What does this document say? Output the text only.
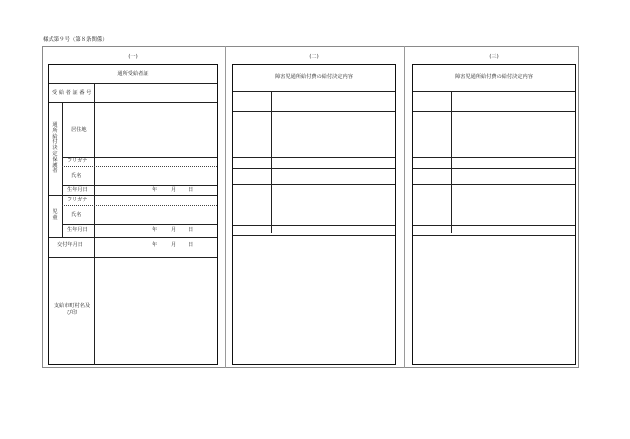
様式第９号（第８条関係）
(一)
通所受給者証
受 給 者 証 番 号
通所給付決定保護者
居住地
フリガナ
氏名
生年月日	年	月 日
児童
フリガナ
氏名
生年月日	年	月 日
交付年月日	年	月 日
支給市町村名及び印
(二)
障害児通所給付費の給付決定内容
(三)
障害児通所給付費の給付決定内容
